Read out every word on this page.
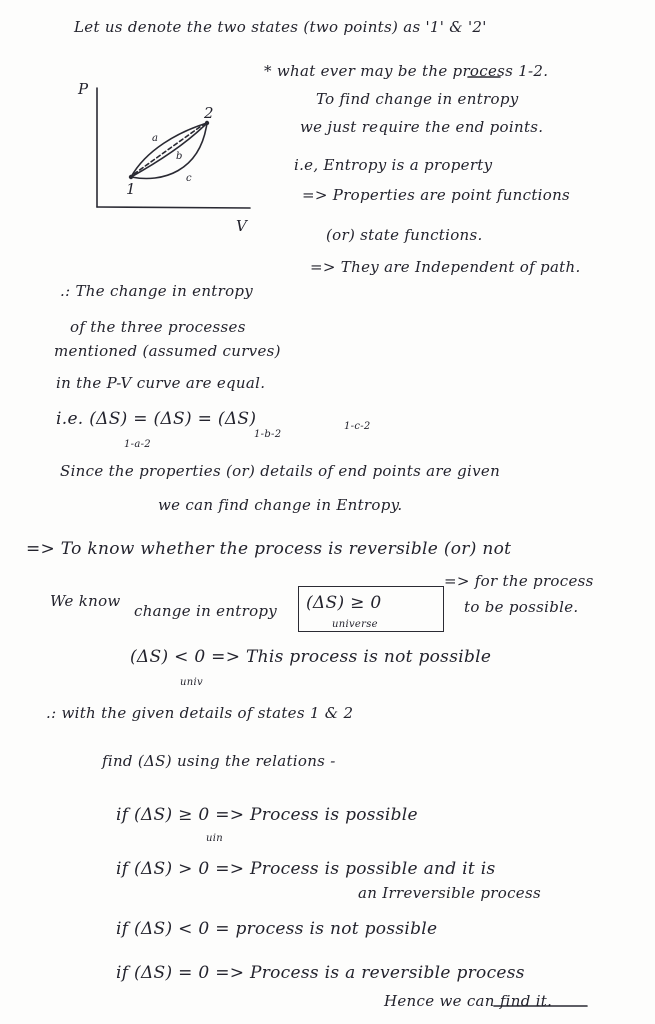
Let us denote the two states (two points) as '1' & '2'
P
V
1
2
a
b
c
* what ever may be the process 1-2.
To find change in entropy
we just require the end points.
i.e, Entropy is a property
=> Properties are point functions
(or) state functions.
=> They are Independent of path.
.: The change in entropy
of the three processes
mentioned (assumed curves)
in the P-V curve are equal.
i.e. (ΔS) = (ΔS) = (ΔS)
1-a-2
1-b-2
1-c-2
Since the properties (or) details of end points are given
we can find change in Entropy.
=> To know whether the process is reversible (or) not
We know
change in entropy (ΔS) ≥ 0
universe
=> for the process
to be possible.
(ΔS) < 0 => This process is not possible
univ
.: with the given details of states 1 & 2
find (ΔS) using the relations -
if (ΔS) ≥ 0 => Process is possible
uin
if (ΔS) > 0 => Process is possible and it is
an Irreversible process
if (ΔS) < 0 = process is not possible
if (ΔS) = 0 => Process is a reversible process
Hence we can find it.
